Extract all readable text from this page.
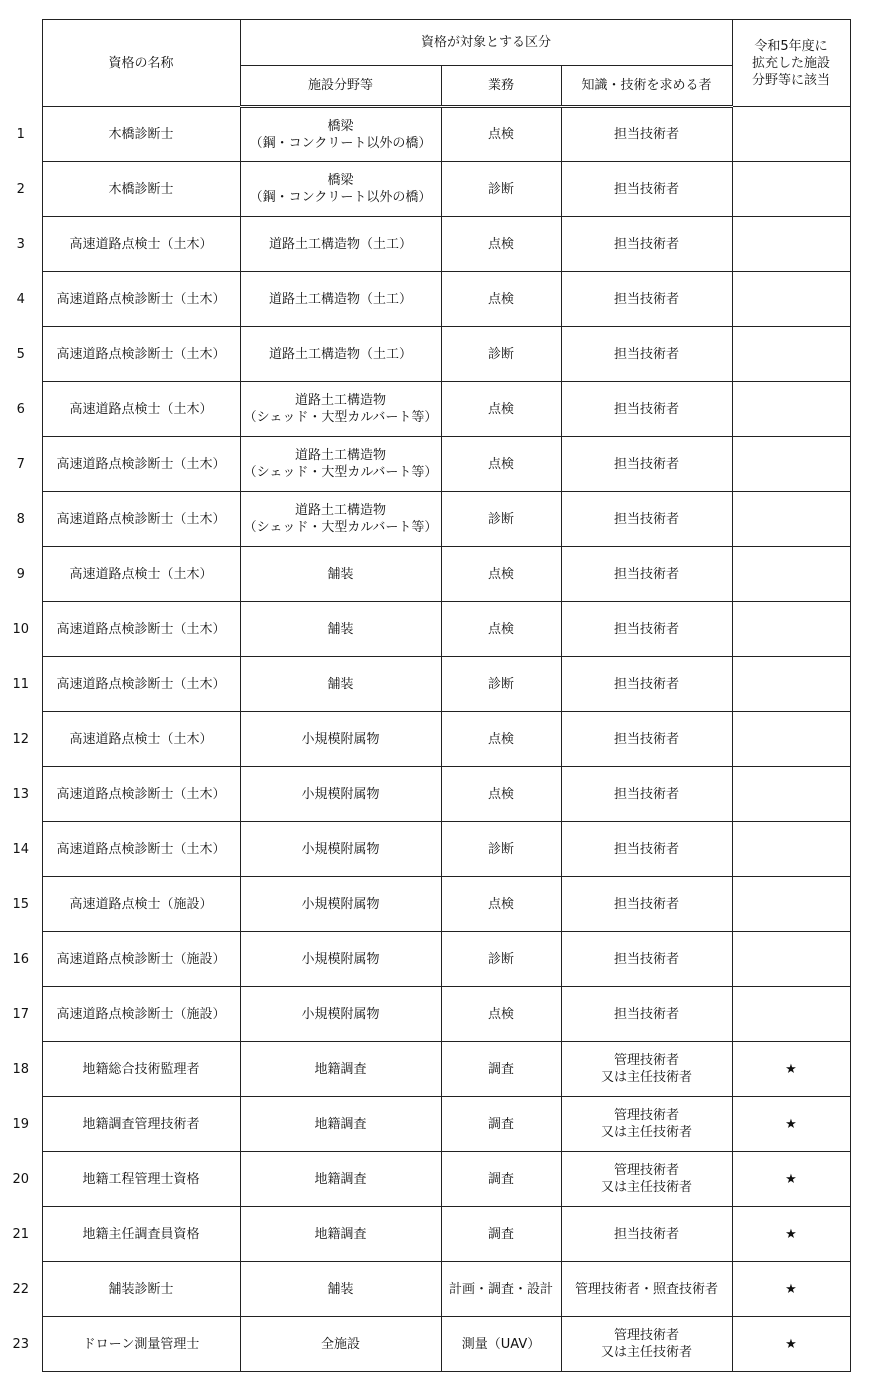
	資格の名称	資格が対象とする区分			令和5年度に
拡充した施設
分野等に該当

		施設分野等	業務	知識・技術を求める者	
1	木橋診断士	橋梁
（鋼・コンクリート以外の橋）	点検	担当技術者	

2	木橋診断士	橋梁
（鋼・コンクリート以外の橋）	診断	担当技術者	

3	高速道路点検士（土木）	道路土工構造物（土工）	点検	担当技術者	

4	高速道路点検診断士（土木）	道路土工構造物（土工）	点検	担当技術者	

5	高速道路点検診断士（土木）	道路土工構造物（土工）	診断	担当技術者	

6	高速道路点検士（土木）	道路土工構造物
（シェッド・大型カルバート等）	点検	担当技術者	

7	高速道路点検診断士（土木）	道路土工構造物
（シェッド・大型カルバート等）	点検	担当技術者	

8	高速道路点検診断士（土木）	道路土工構造物
（シェッド・大型カルバート等）	診断	担当技術者	

9	高速道路点検士（土木）	舗装	点検	担当技術者	

10	高速道路点検診断士（土木）	舗装	点検	担当技術者	

11	高速道路点検診断士（土木）	舗装	診断	担当技術者	

12	高速道路点検士（土木）	小規模附属物	点検	担当技術者	

13	高速道路点検診断士（土木）	小規模附属物	点検	担当技術者	

14	高速道路点検診断士（土木）	小規模附属物	診断	担当技術者	

15	高速道路点検士（施設）	小規模附属物	点検	担当技術者	

16	高速道路点検診断士（施設）	小規模附属物	診断	担当技術者	

17	高速道路点検診断士（施設）	小規模附属物	点検	担当技術者	

18	地籍総合技術監理者	地籍調査	調査	管理技術者
又は主任技術者	★
19	地籍調査管理技術者	地籍調査	調査	管理技術者
又は主任技術者	★
20	地籍工程管理士資格	地籍調査	調査	管理技術者
又は主任技術者	★
21	地籍主任調査員資格	地籍調査	調査	担当技術者	★
22	舗装診断士	舗装	計画・調査・設計	管理技術者・照査技術者	★
23	ドローン測量管理士	全施設	測量（UAV）	管理技術者
又は主任技術者	★
